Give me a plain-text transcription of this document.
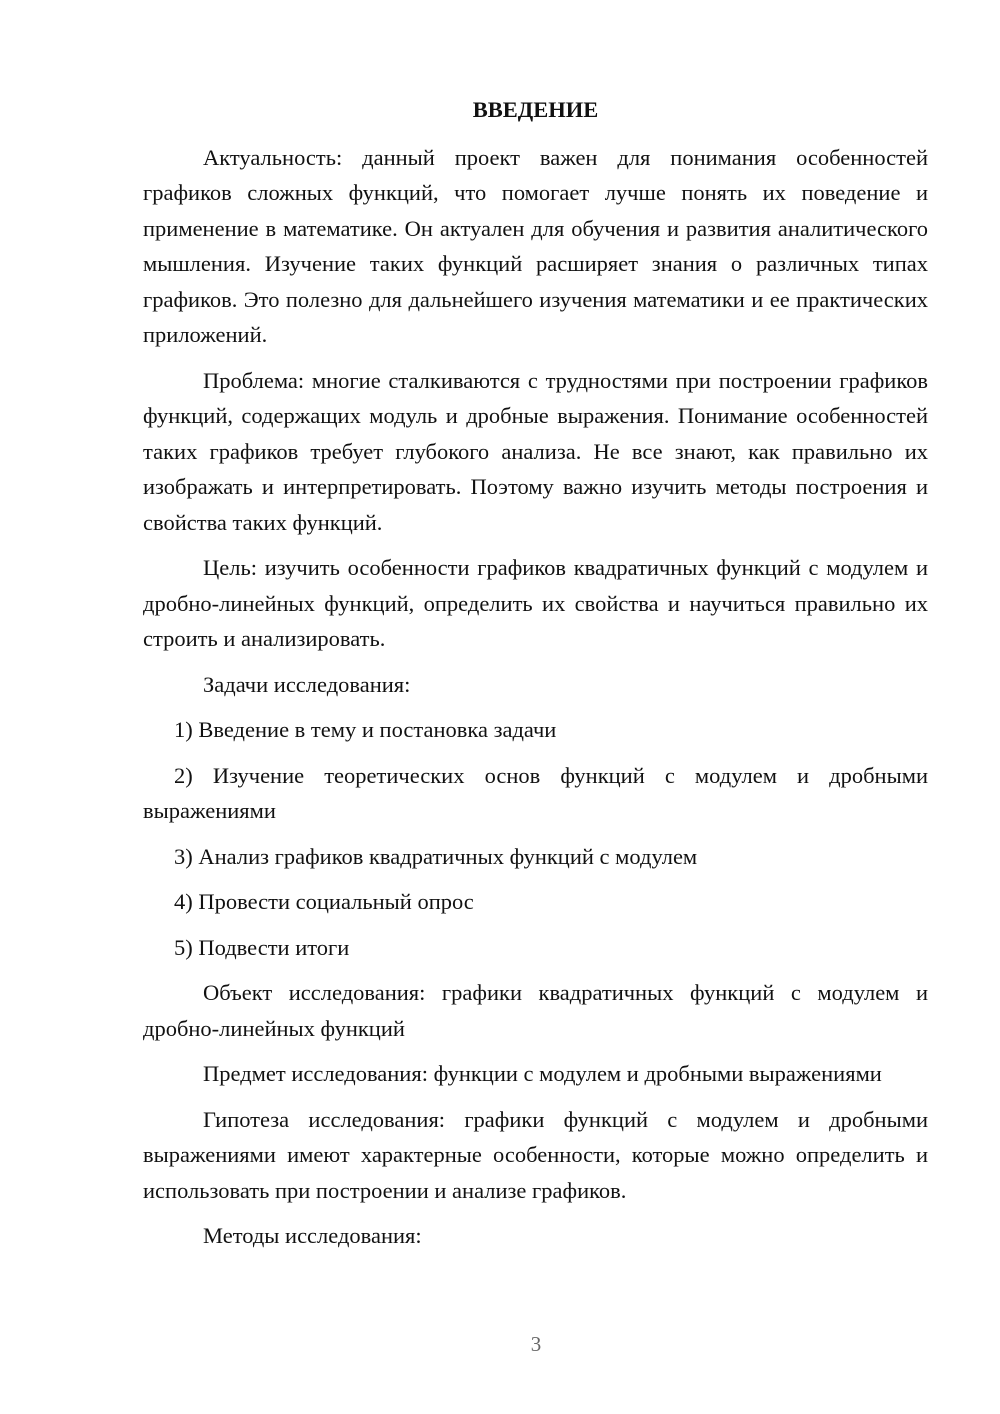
ВВЕДЕНИЕ

Актуальность: данный проект важен для понимания особенностей графиков сложных функций, что помогает лучше понять их поведение и применение в математике. Он актуален для обучения и развития аналитического мышления. Изучение таких функций расширяет знания о различных типах графиков. Это полезно для дальнейшего изучения математики и ее практических приложений.

Проблема: многие сталкиваются с трудностями при построении графиков функций, содержащих модуль и дробные выражения. Понимание особенностей таких графиков требует глубокого анализа. Не все знают, как правильно их изображать и интерпретировать. Поэтому важно изучить методы построения и свойства таких функций.

Цель: изучить особенности графиков квадратичных функций с модулем и дробно-линейных функций, определить их свойства и научиться правильно их строить и анализировать.

Задачи исследования:

1) Введение в тему и постановка задачи

2) Изучение теоретических основ функций с модулем и дробными выражениями

3) Анализ графиков квадратичных функций с модулем

4) Провести социальный опрос

5) Подвести итоги

Объект исследования: графики квадратичных функций с модулем и дробно-линейных функций

Предмет исследования: функции с модулем и дробными выражениями

Гипотеза исследования: графики функций с модулем и дробными выражениями имеют характерные особенности, которые можно определить и использовать при построении и анализе графиков.

Методы исследования:

3
